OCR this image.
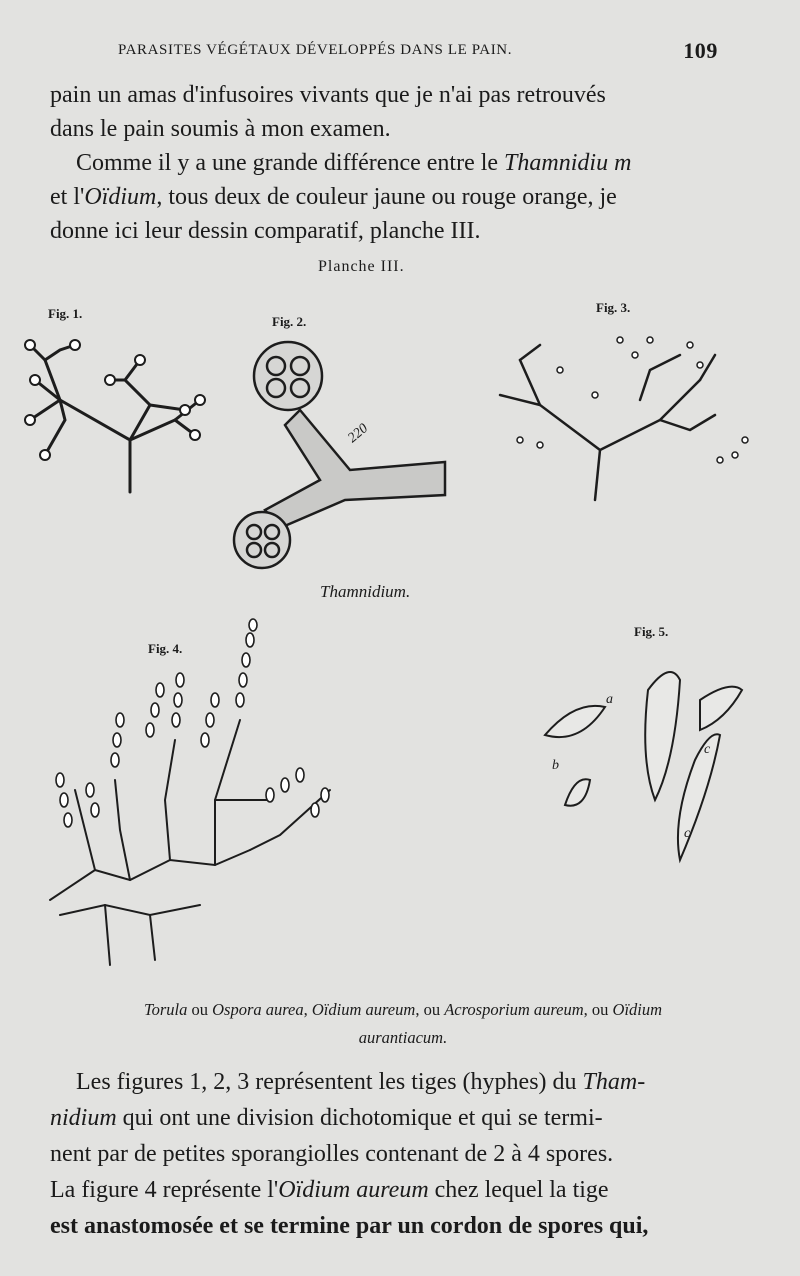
PARASITES VÉGÉTAUX DÉVELOPPÉS DANS LE PAIN.	109
pain un amas d'infusoires vivants que je n'ai pas retrouvés
dans le pain soumis à mon examen.
Comme il y a une grande différence entre le Thamnidiu m
et l'Oïdium, tous deux de couleur jaune ou rouge orange, je
donne ici leur dessin comparatif, planche III.
Planche III.
Fig. 1.
Fig. 2.
Fig. 3.
Fig. 4.
Fig. 5.
220
a
b
c
c
Thamnidium.
Torula ou Ospora aurea, Oïdium aureum, ou Acrosporium aureum, ou Oïdium
aurantiacum.
Les figures 1, 2, 3 représentent les tiges (hyphes) du Tham-
nidium qui ont une division dichotomique et qui se termi-
nent par de petites sporangiolles contenant de 2 à 4 spores.
La figure 4 représente l'Oïdium aureum chez lequel la tige
est anastomosée et se termine par un cordon de spores qui,
